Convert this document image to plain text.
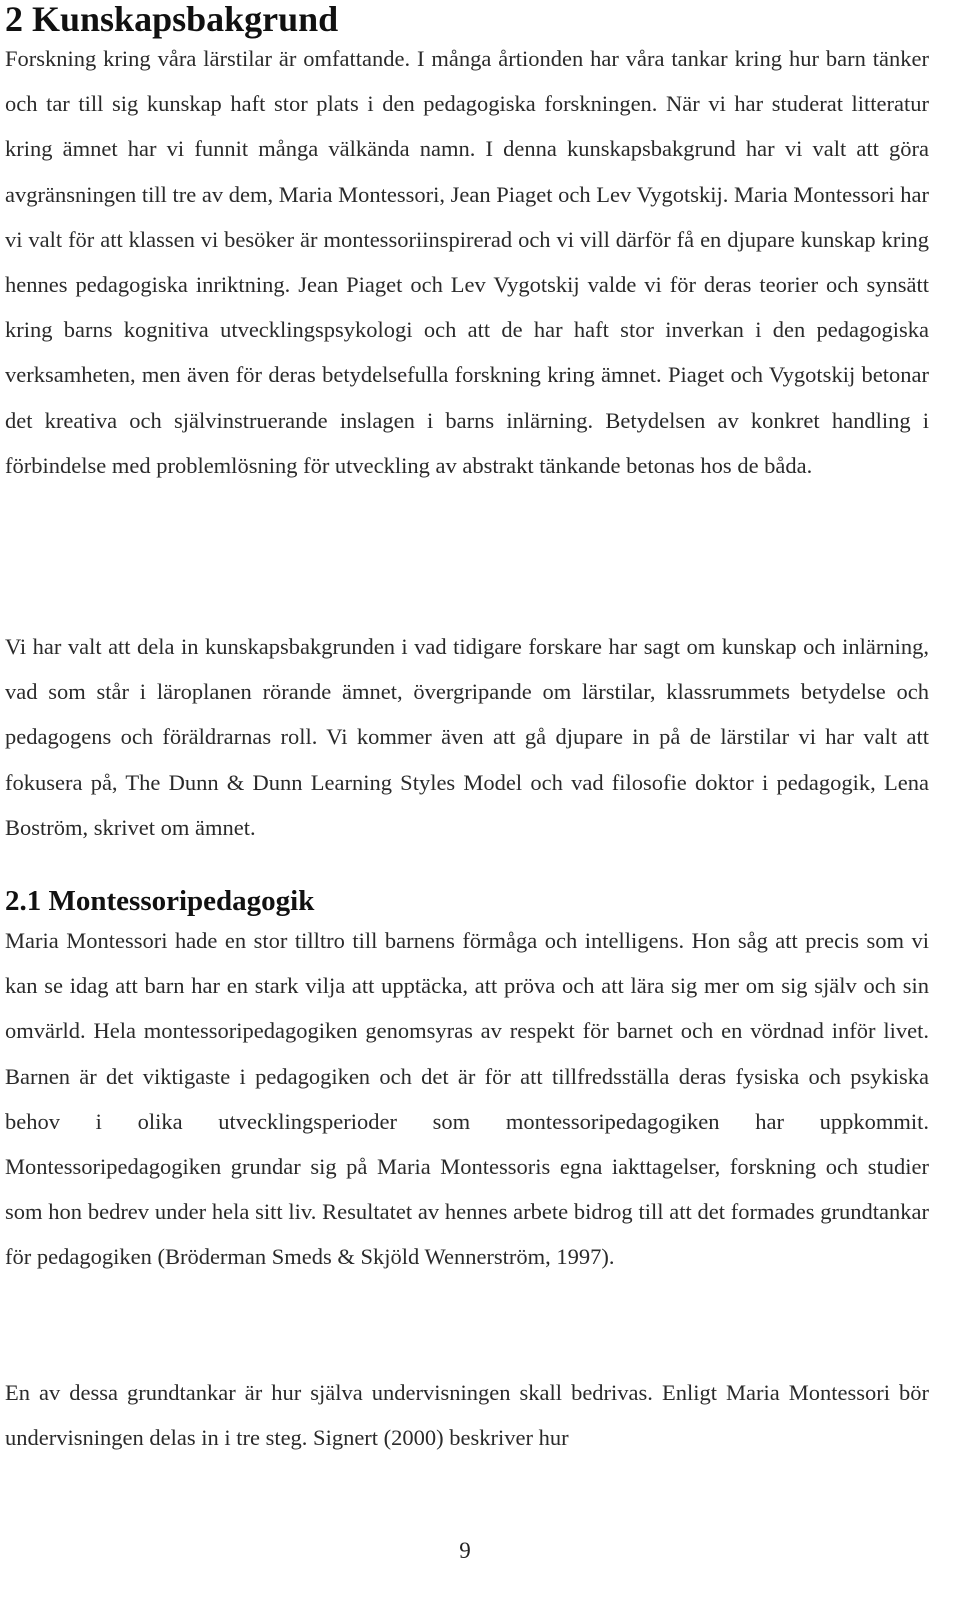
2 Kunskapsbakgrund

Forskning kring våra lärstilar är omfattande. I många årtionden har våra tankar kring hur barn tänker och tar till sig kunskap haft stor plats i den pedagogiska forskningen. När vi har studerat litteratur kring ämnet har vi funnit många välkända namn. I denna kunskapsbakgrund har vi valt att göra avgränsningen till tre av dem, Maria Montessori, Jean Piaget och Lev Vygotskij. Maria Montessori har vi valt för att klassen vi besöker är montessoriinspirerad och vi vill därför få en djupare kunskap kring hennes pedagogiska inriktning. Jean Piaget och Lev Vygotskij valde vi för deras teorier och synsätt kring barns kognitiva utvecklingspsykologi och att de har haft stor inverkan i den pedagogiska verksamheten, men även för deras betydelsefulla forskning kring ämnet. Piaget och Vygotskij betonar det kreativa och självinstruerande inslagen i barns inlärning. Betydelsen av konkret handling i förbindelse med problemlösning för utveckling av abstrakt tänkande betonas hos de båda.

Vi har valt att dela in kunskapsbakgrunden i vad tidigare forskare har sagt om kunskap och inlärning, vad som står i läroplanen rörande ämnet, övergripande om lärstilar, klassrummets betydelse och pedagogens och föräldrarnas roll. Vi kommer även att gå djupare in på de lärstilar vi har valt att fokusera på, The Dunn & Dunn Learning Styles Model och vad filosofie doktor i pedagogik, Lena Boström, skrivet om ämnet.

2.1 Montessoripedagogik

Maria Montessori hade en stor tilltro till barnens förmåga och intelligens. Hon såg att precis som vi kan se idag att barn har en stark vilja att upptäcka, att pröva och att lära sig mer om sig själv och sin omvärld. Hela montessoripedagogiken genomsyras av respekt för barnet och en vördnad inför livet. Barnen är det viktigaste i pedagogiken och det är för att tillfredsställa deras fysiska och psykiska behov i olika utvecklingsperioder som montessoripedagogiken har uppkommit. Montessoripedagogiken grundar sig på Maria Montessoris egna iakttagelser, forskning och studier som hon bedrev under hela sitt liv. Resultatet av hennes arbete bidrog till att det formades grundtankar för pedagogiken (Bröderman Smeds & Skjöld Wennerström, 1997).

En av dessa grundtankar är hur själva undervisningen skall bedrivas. Enligt Maria Montessori bör undervisningen delas in i tre steg. Signert (2000) beskriver hur

9
